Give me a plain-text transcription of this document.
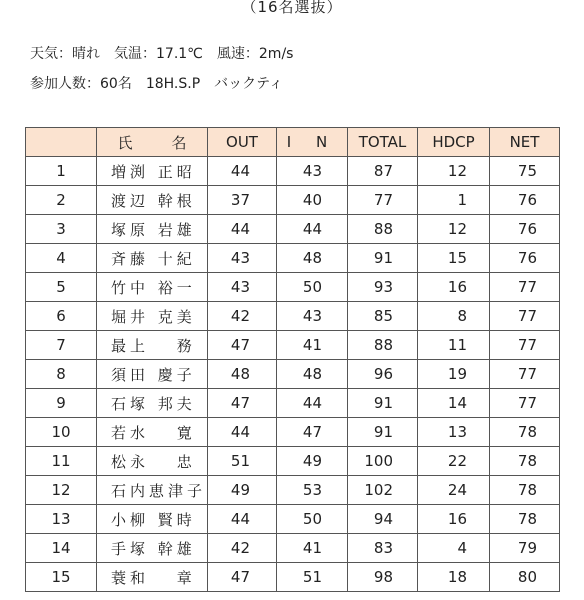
（16名選抜）
天気：晴れ　気温：17.1℃　風速：2m/s
参加人数：60名　18H.S.P　バックティ
	氏　名	OUT	I N	TOTAL	HDCP	NET
1	増渕 正昭	44	43	87	12	75
2	渡辺 幹根	37	40	77	1	76
3	塚原 岩雄	44	44	88	12	76
4	斉藤 十紀	43	48	91	15	76
5	竹中 裕一	43	50	93	16	77
6	堀井 克美	42	43	85	8	77
7	最上　 務	47	41	88	11	77
8	須田 慶子	48	48	96	19	77
9	石塚 邦夫	47	44	91	14	77
10	若水　 寛	44	47	91	13	78
11	松永　 忠	51	49	100	22	78
12	石内恵津子	49	53	102	24	78
13	小柳 賢時	44	50	94	16	78
14	手塚 幹雄	42	41	83	4	79
15	蓑和　 章	47	51	98	18	80
